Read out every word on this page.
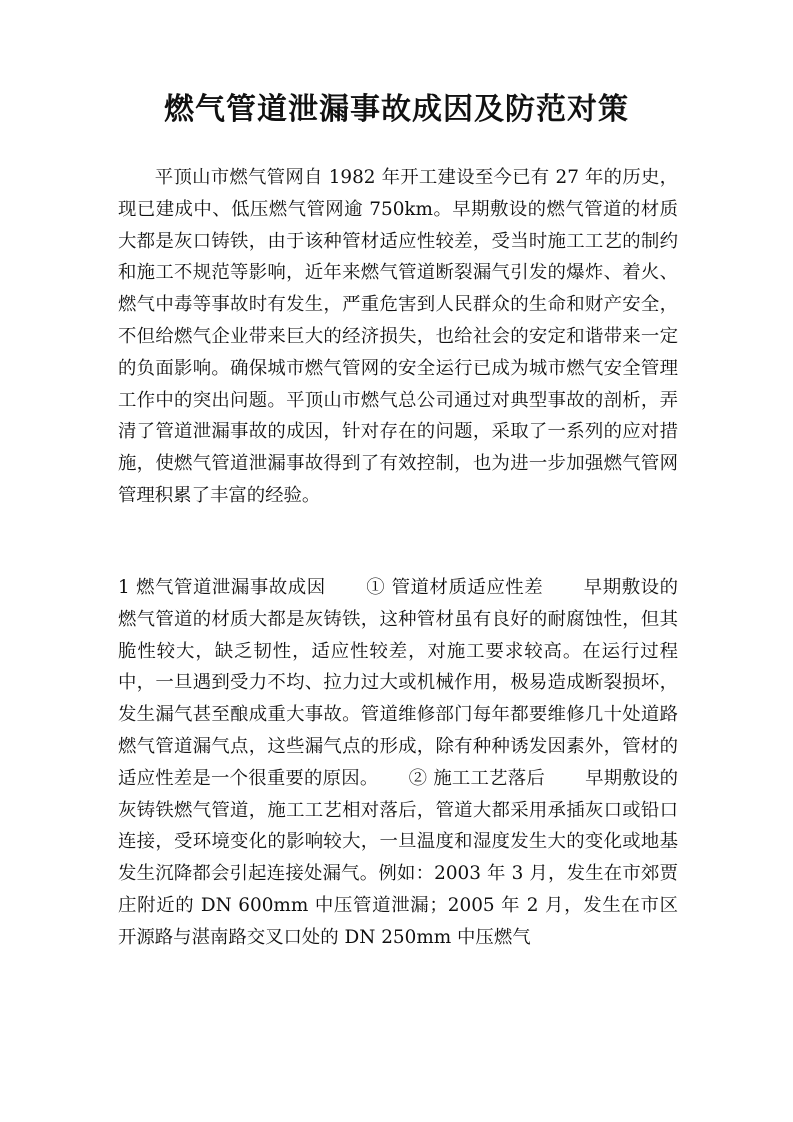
燃气管道泄漏事故成因及防范对策

平顶山市燃气管网自 1982 年开工建设至今已有 27 年的历史，现已建成中、低压燃气管网逾 750km。早期敷设的燃气管道的材质大都是灰口铸铁，由于该种管材适应性较差，受当时施工工艺的制约和施工不规范等影响，近年来燃气管道断裂漏气引发的爆炸、着火、燃气中毒等事故时有发生，严重危害到人民群众的生命和财产安全，不但给燃气企业带来巨大的经济损失，也给社会的安定和谐带来一定的负面影响。确保城市燃气管网的安全运行已成为城市燃气安全管理工作中的突出问题。平顶山市燃气总公司通过对典型事故的剖析，弄清了管道泄漏事故的成因，针对存在的问题，采取了一系列的应对措施，使燃气管道泄漏事故得到了有效控制，也为进一步加强燃气管网管理积累了丰富的经验。

1 燃气管道泄漏事故成因 ① 管道材质适应性差 早期敷设的燃气管道的材质大都是灰铸铁，这种管材虽有良好的耐腐蚀性，但其脆性较大，缺乏韧性，适应性较差，对施工要求较高。在运行过程中，一旦遇到受力不均、拉力过大或机械作用，极易造成断裂损坏，发生漏气甚至酿成重大事故。管道维修部门每年都要维修几十处道路燃气管道漏气点，这些漏气点的形成，除有种种诱发因素外，管材的适应性差是一个很重要的原因。 ② 施工工艺落后 早期敷设的灰铸铁燃气管道，施工工艺相对落后，管道大都采用承插灰口或铅口连接，受环境变化的影响较大，一旦温度和湿度发生大的变化或地基发生沉降都会引起连接处漏气。例如：2003 年 3 月，发生在市郊贾庄附近的 DN 600mm 中压管道泄漏；2005 年 2 月，发生在市区开源路与湛南路交叉口处的 DN 250mm 中压燃气
